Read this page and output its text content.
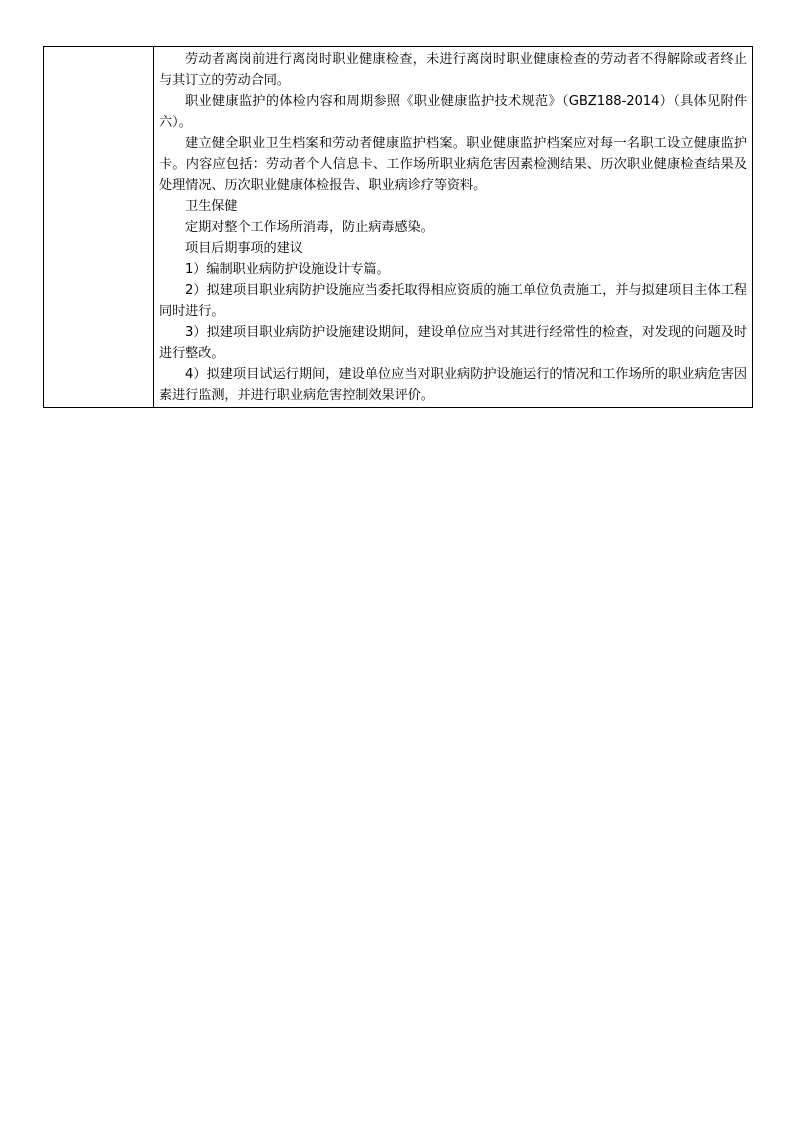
劳动者离岗前进行离岗时职业健康检查，未进行离岗时职业健康检查的劳动者不得解除或者终止与其订立的劳动合同。

职业健康监护的体检内容和周期参照《职业健康监护技术规范》（GBZ188-2014）（具体见附件六）。

建立健全职业卫生档案和劳动者健康监护档案。职业健康监护档案应对每一名职工设立健康监护卡。内容应包括：劳动者个人信息卡、工作场所职业病危害因素检测结果、历次职业健康检查结果及处理情况、历次职业健康体检报告、职业病诊疗等资料。

卫生保健

定期对整个工作场所消毒，防止病毒感染。

项目后期事项的建议

1）编制职业病防护设施设计专篇。

2）拟建项目职业病防护设施应当委托取得相应资质的施工单位负责施工，并与拟建项目主体工程同时进行。

3）拟建项目职业病防护设施建设期间，建设单位应当对其进行经常性的检查，对发现的问题及时进行整改。

4）拟建项目试运行期间，建设单位应当对职业病防护设施运行的情况和工作场所的职业病危害因素进行监测，并进行职业病危害控制效果评价。
